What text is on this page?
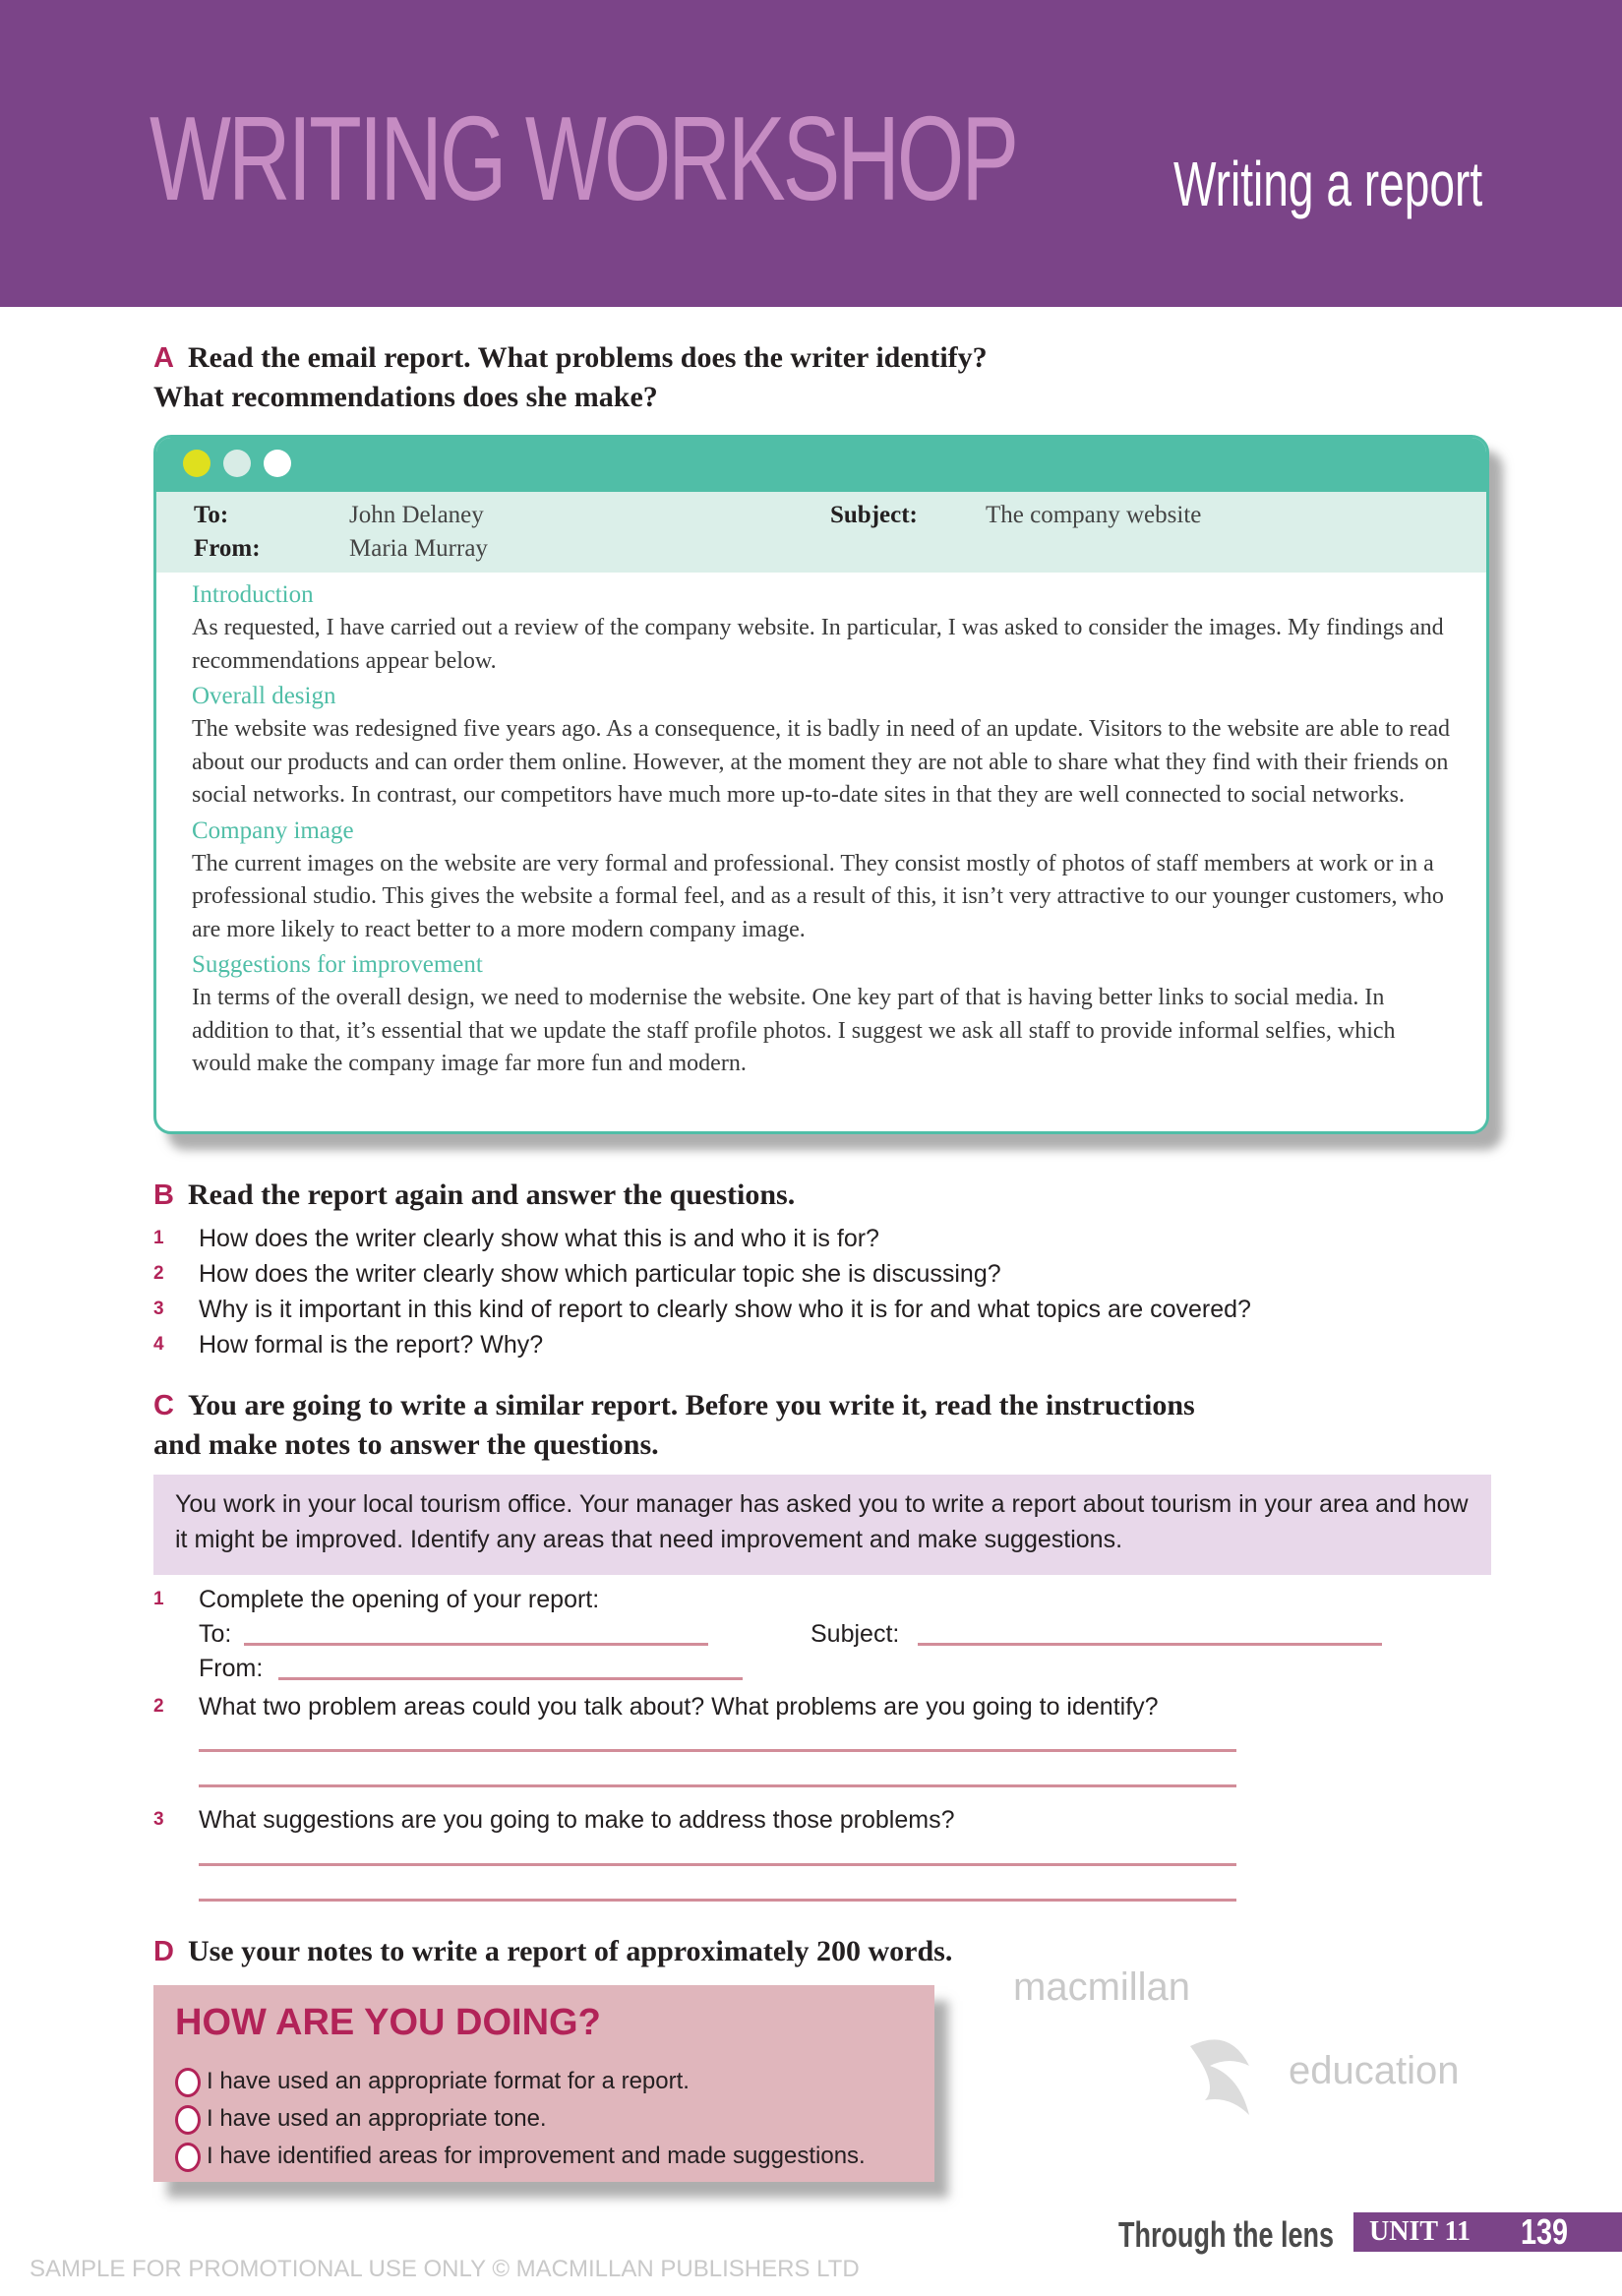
WRITING WORKSHOP Writing a report
A Read the email report. What problems does the writer identify?
What recommendations does she make?
To:	John Delaney
From:	Maria Murray
Subject:	The company website
Introduction

As requested, I have carried out a review of the company website. In particular, I was asked to consider the images. My findings and recommendations appear below.

Overall design

The website was redesigned five years ago. As a consequence, it is badly in need of an update. Visitors to the website are able to read about our products and can order them online. However, at the moment they are not able to share what they find with their friends on social networks. In contrast, our competitors have much more up-to-date sites in that they are well connected to social networks.

Company image

The current images on the website are very formal and professional. They consist mostly of photos of staff members at work or in a professional studio. This gives the website a formal feel, and as a result of this, it isn’t very attractive to our younger customers, who are more likely to react better to a more modern company image.

Suggestions for improvement

In terms of the overall design, we need to modernise the website. One key part of that is having better links to social media. In addition to that, it’s essential that we update the staff profile photos. I suggest we ask all staff to provide informal selfies, which would make the company image far more fun and modern.

B Read the report again and answer the questions.
1 How does the writer clearly show what this is and who it is for?
2 How does the writer clearly show which particular topic she is discussing?
3 Why is it important in this kind of report to clearly show who it is for and what topics are covered?
4 How formal is the report? Why?
C You are going to write a similar report. Before you write it, read the instructions
and make notes to answer the questions.

You work in your local tourism office. Your manager has asked you to write a report about tourism in your area and how it might be improved. Identify any areas that need improvement and make suggestions.

1 Complete the opening of your report:
To:	Subject:
From:
2 What two problem areas could you talk about? What problems are you going to identify?
3 What suggestions are you going to make to address those problems?
D Use your notes to write a report of approximately 200 words.
HOW ARE YOU DOING?
I have used an appropriate format for a report.
I have used an appropriate tone.
I have identified areas for improvement and made suggestions.
Through the lens UNIT 11 139
macmillan
education
SAMPLE FOR PROMOTIONAL USE ONLY © MACMILLAN PUBLISHERS LTD
